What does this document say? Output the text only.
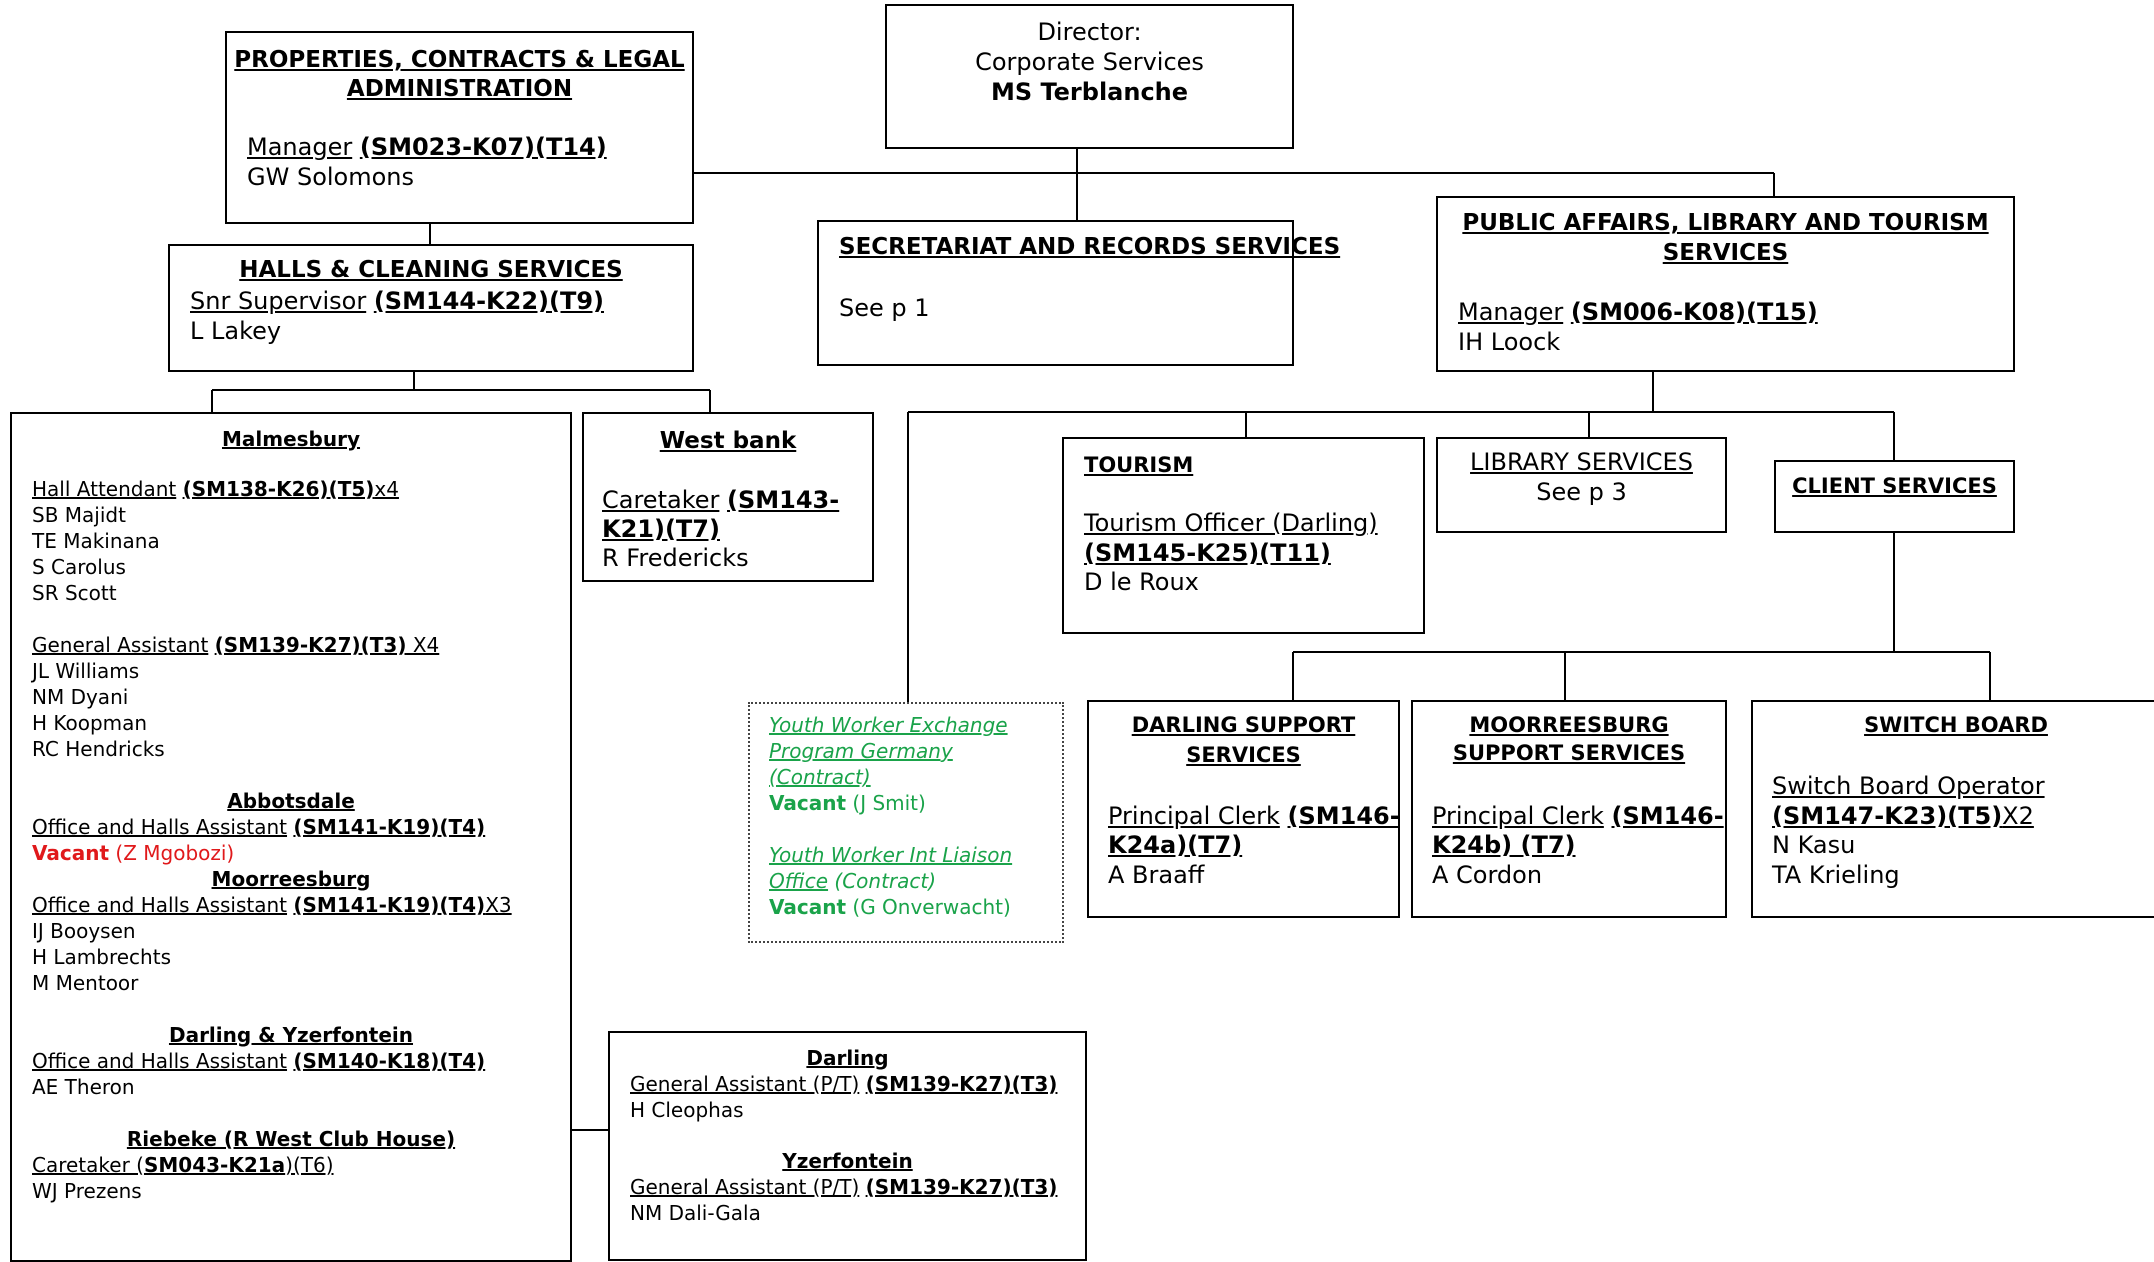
Director:
Corporate Services
MS Terblanche
PROPERTIES, CONTRACTS & LEGAL
ADMINISTRATION
Manager (SM023-K07)(T14)
GW Solomons
HALLS & CLEANING SERVICES
Snr Supervisor (SM144-K22)(T9)
L Lakey
SECRETARIAT AND RECORDS SERVICES
See p 1
PUBLIC AFFAIRS, LIBRARY AND TOURISM
SERVICES
Manager (SM006-K08)(T15)
IH Loock
Malmesbury
Hall Attendant (SM138-K26)(T5)x4
SB Majidt
TE Makinana
S Carolus
SR Scott
General Assistant (SM139-K27)(T3) X4
JL Williams
NM Dyani
H Koopman
RC Hendricks
Abbotsdale
Office and Halls Assistant (SM141-K19)(T4)
Vacant (Z Mgobozi)
Moorreesburg
Office and Halls Assistant (SM141-K19)(T4)X3
IJ Booysen
H Lambrechts
M Mentoor
Darling & Yzerfontein
Office and Halls Assistant (SM140-K18)(T4)
AE Theron
Riebeke (R West Club House)
Caretaker (SM043-K21a)(T6)
WJ Prezens
West bank
Caretaker (SM143-
K21)(T7)
R Fredericks
Darling
General Assistant (P/T) (SM139-K27)(T3)
H Cleophas
Yzerfontein
General Assistant (P/T) (SM139-K27)(T3)
NM Dali-Gala
TOURISM
Tourism Officer (Darling)
(SM145-K25)(T11)
D le Roux
LIBRARY SERVICES
See p 3	CLIENT SERVICES
Youth Worker Exchange
Program Germany
(Contract)
Vacant (J Smit)
Youth Worker Int Liaison
Office (Contract)
Vacant (G Onverwacht)
DARLING SUPPORT
SERVICES
Principal Clerk (SM146-
K24a)(T7)
A Braaff
MOORREESBURG
SUPPORT SERVICES
Principal Clerk (SM146-
K24b) (T7)
A Cordon
SWITCH BOARD
Switch Board Operator
(SM147-K23)(T5)X2
N Kasu
TA Krieling
